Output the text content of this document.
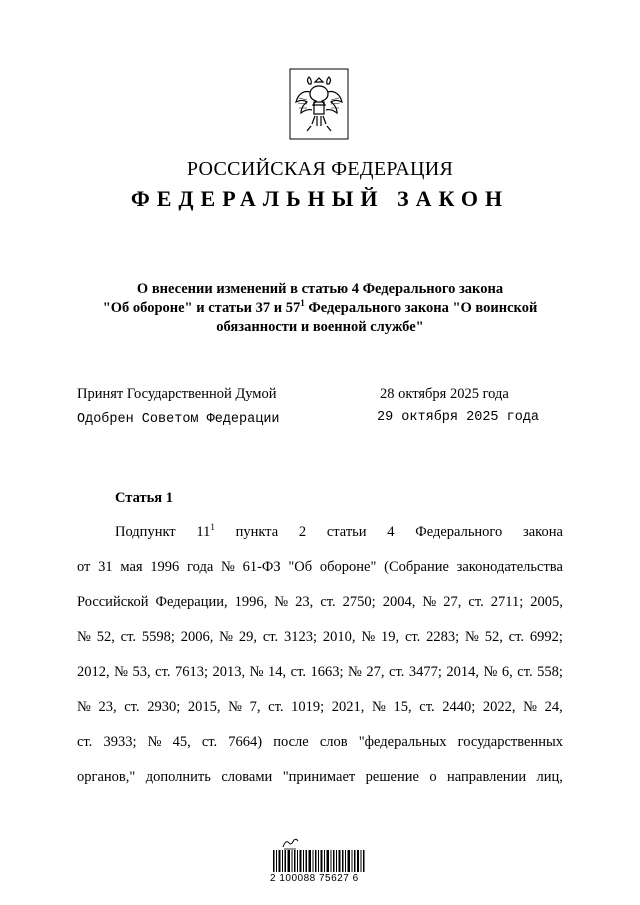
РОССИЙСКАЯ ФЕДЕРАЦИЯ
ФЕДЕРАЛЬНЫЙ ЗАКОН
О внесении изменений в статью 4 Федерального закона
"Об обороне" и статьи 37 и $57^1$ Федерального закона "О воинской
обязанности и военной службе"
Принят Государственной Думой	28 октября 2025 года
Одобрен Советом Федерации	29 октября 2025 года
Статья 1
Подпункт $11^1$ пункта 2 статьи 4 Федерального закона
от 31 мая 1996 года № 61-ФЗ "Об обороне" (Собрание законодательства
Российской Федерации, 1996, № 23, ст. 2750; 2004, № 27, ст. 2711; 2005,
№ 52, ст. 5598; 2006, № 29, ст. 3123; 2010, № 19, ст. 2283; № 52, ст. 6992;
2012, № 53, ст. 7613; 2013, № 14, ст. 1663; № 27, ст. 3477; 2014, № 6, ст. 558;
№ 23, ст. 2930; 2015, № 7, ст. 1019; 2021, № 15, ст. 2440; 2022, № 24,
ст. 3933; № 45, ст. 7664) после слов "федеральных государственных
органов," дополнить словами "принимает решение о направлении лиц,
2 100088 75627 6
